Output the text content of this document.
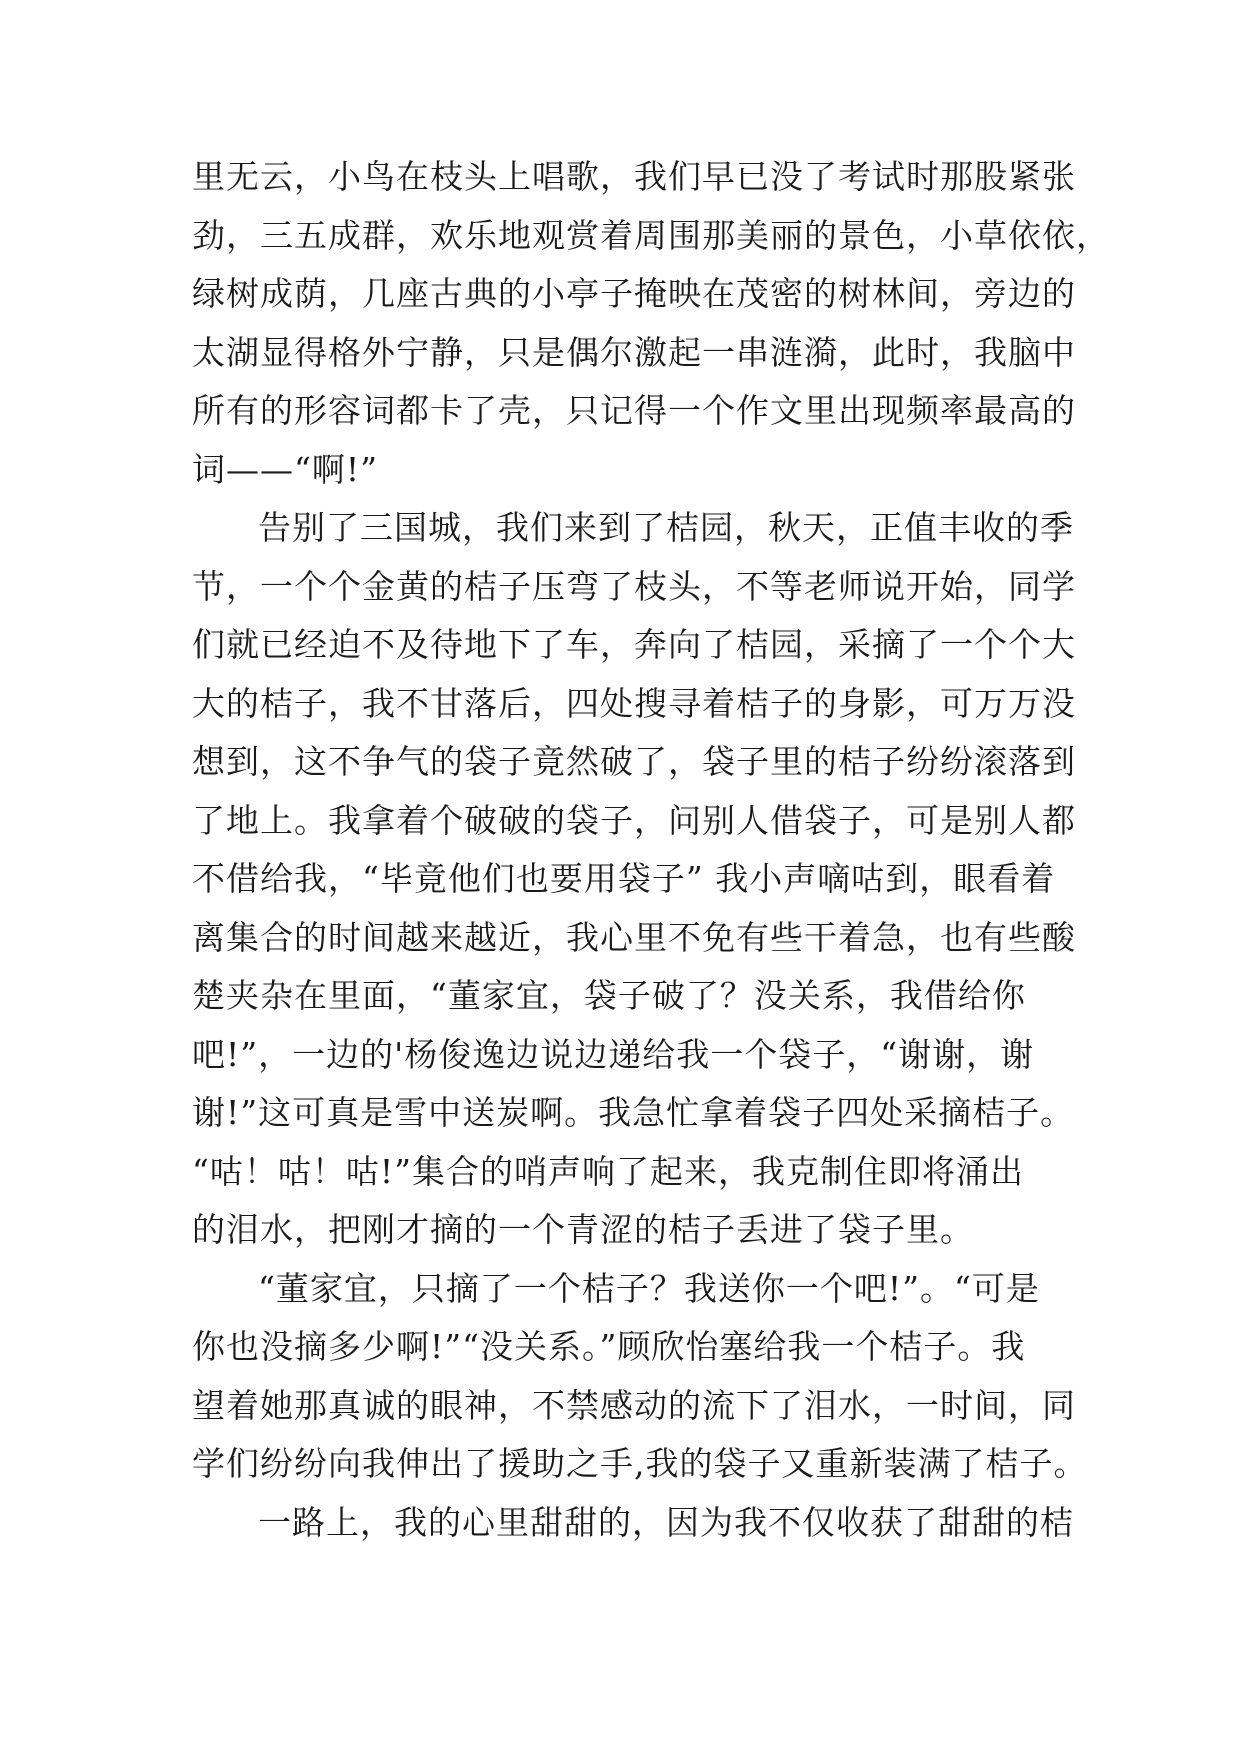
里无云，小鸟在枝头上唱歌，我们早已没了考试时那股紧张
劲，三五成群，欢乐地观赏着周围那美丽的景色，小草依依，
绿树成荫，几座古典的小亭子掩映在茂密的树林间，旁边的
太湖显得格外宁静，只是偶尔激起一串涟漪，此时，我脑中
所有的形容词都卡了壳，只记得一个作文里出现频率最高的
词——“啊!”
告别了三国城，我们来到了桔园，秋天，正值丰收的季
节，一个个金黄的桔子压弯了枝头，不等老师说开始，同学
们就已经迫不及待地下了车，奔向了桔园，采摘了一个个大
大的桔子，我不甘落后，四处搜寻着桔子的身影，可万万没
想到，这不争气的袋子竟然破了，袋子里的桔子纷纷滚落到
了地上。我拿着个破破的袋子，问别人借袋子，可是别人都
不借给我，“毕竟他们也要用袋子” 我小声嘀咕到，眼看着
离集合的时间越来越近，我心里不免有些干着急，也有些酸
楚夹杂在里面，“董家宜，袋子破了？没关系，我借给你
吧!”，一边的'杨俊逸边说边递给我一个袋子，“谢谢，谢
谢!”这可真是雪中送炭啊。我急忙拿着袋子四处采摘桔子。
“咕！咕！咕!”集合的哨声响了起来，我克制住即将涌出
的泪水，把刚才摘的一个青涩的桔子丢进了袋子里。
“董家宜，只摘了一个桔子？我送你一个吧!”。“可是
你也没摘多少啊!”“没关系。”顾欣怡塞给我一个桔子。我
望着她那真诚的眼神，不禁感动的流下了泪水，一时间，同
学们纷纷向我伸出了援助之手,我的袋子又重新装满了桔子。
一路上，我的心里甜甜的，因为我不仅收获了甜甜的桔
